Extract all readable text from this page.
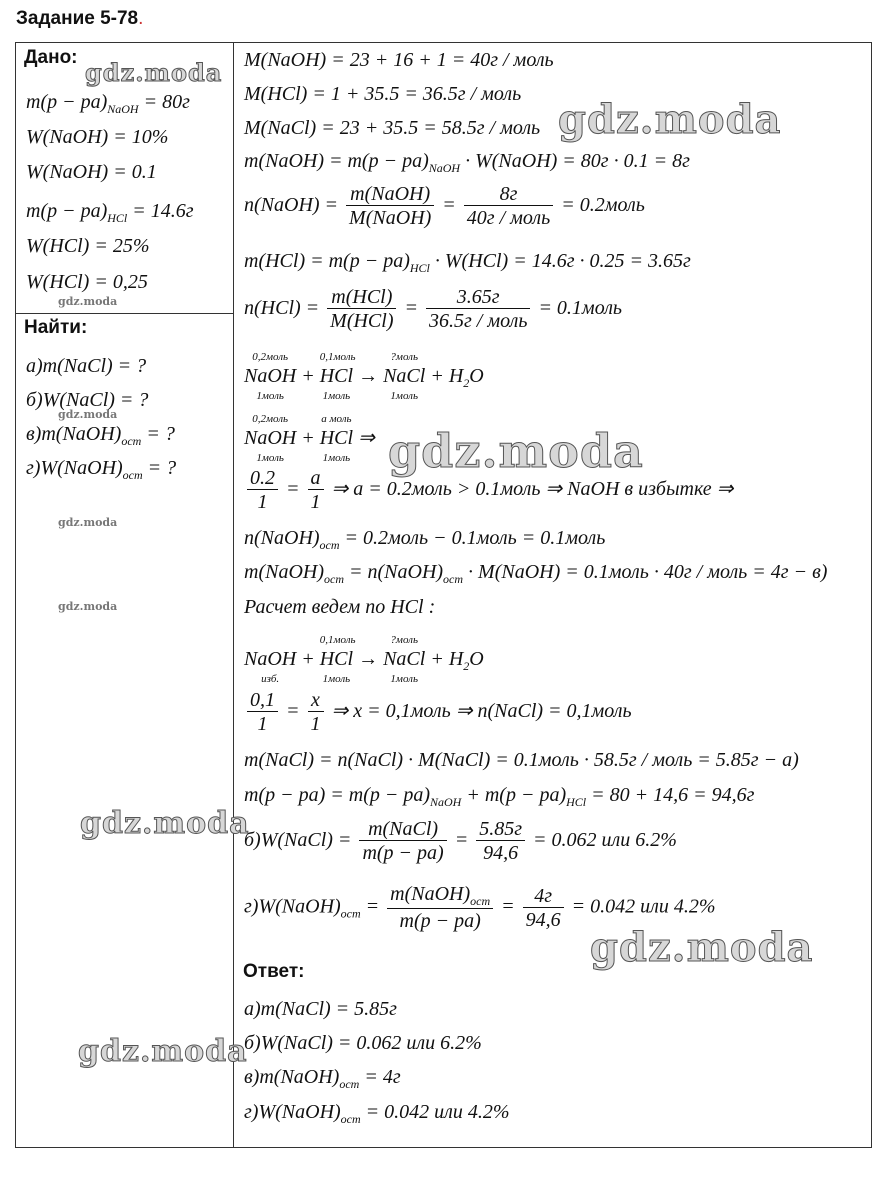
Задание 5-78.
Дано:
$m(p - pa)_{NaOH} = 80г$
W(NaOH) = 10%
W(NaOH) = 0.1
$m(p - pa)_{HCl} = 14.6г$
W(HCl) = 25%
W(HCl) = 0,25
Найти:
а)m(NaCl) = ?
б)W(NaCl) = ?
$в)m(NaOH)_{ост}$ = ?
$г)W(NaOH)_{ост}$ = ?
M(NaOH) = 23 + 16 + 1 = 40г / моль
M(HCl) = 1 + 35.5 = 36.5г / моль
M(NaCl) = 23 + 35.5 = 58.5г / моль
m(NaOH) = $m(p - pa)_{NaOH}$ · W(NaOH) = 80г · 0.1 = 8г
n(NaOH) =
m(NaOH)
M(NaOH)
=
8г
40г / моль
= 0.2моль
$m(HCl) = m(p - pa)_{HCl} \cdot W(HCl) = 14.6г \cdot 0.25 = 3.65г$
n(HCl) =
m(HCl)
M(HCl)
=
3.65г
36.5г / моль
= 0.1моль
0,2моль
NaOH
1моль
+
0,1моль
HCl
1моль
→
?моль
NaCl
1моль
+ $H_2O$
0,2моль
NaOH
1моль
+
а моль
HCl
1моль
⇒
$\frac{0.2}{1}$ =
а
1
⇒ а = 0.2моль > 0.1моль ⇒ NaOH в избытке ⇒
$n(NaOH)_{ост}$ = 0.2моль − 0.1моль = 0.1моль
$m(NaOH)_{ост}$ = $n(NaOH)_{ост}$ · M(NaOH) = 0.1моль · 40г / моль = 4г − в)
Расчет ведем по HCl :
NaOH
изб.
+
0,1моль
HCl
1моль
→
?моль
NaCl
1моль
+ $H_2O$
$\frac{0,1}{1} = \frac{x}{1}$ ⇒ x = 0,1моль ⇒ n(NaCl) = 0,1моль
m(NaCl) = n(NaCl) · M(NaCl) = 0.1моль · 58.5г / моль = 5.85г − а)
$m(p - pa) = m(p - pa)_{NaOH} + m(p - pa)_{HCl} = 80 + 14,6 = 94,6г$
б)W(NaCl) =
m(NaCl)
m(p − pa)
=
5.85г
94,6
= 0.062 или 6.2%
$г)W(NaOH)_{ост}$ =
$m(NaOH)_{ост}$
m(p − pa)
=
4г
94,6
= 0.042 или 4.2%
Ответ:
а)m(NaCl) = 5.85г
б)W(NaCl) = 0.062 или 6.2%
$в)m(NaOH)_{ост} = 4г$
$г)W(NaOH)_{ост} = 0.042$ или 4.2%
gdz.moda
gdz.moda
gdz.moda
gdz.moda
gdz.moda
gdz.moda
gdz.moda
gdz.moda
gdz.moda
gdz.moda
